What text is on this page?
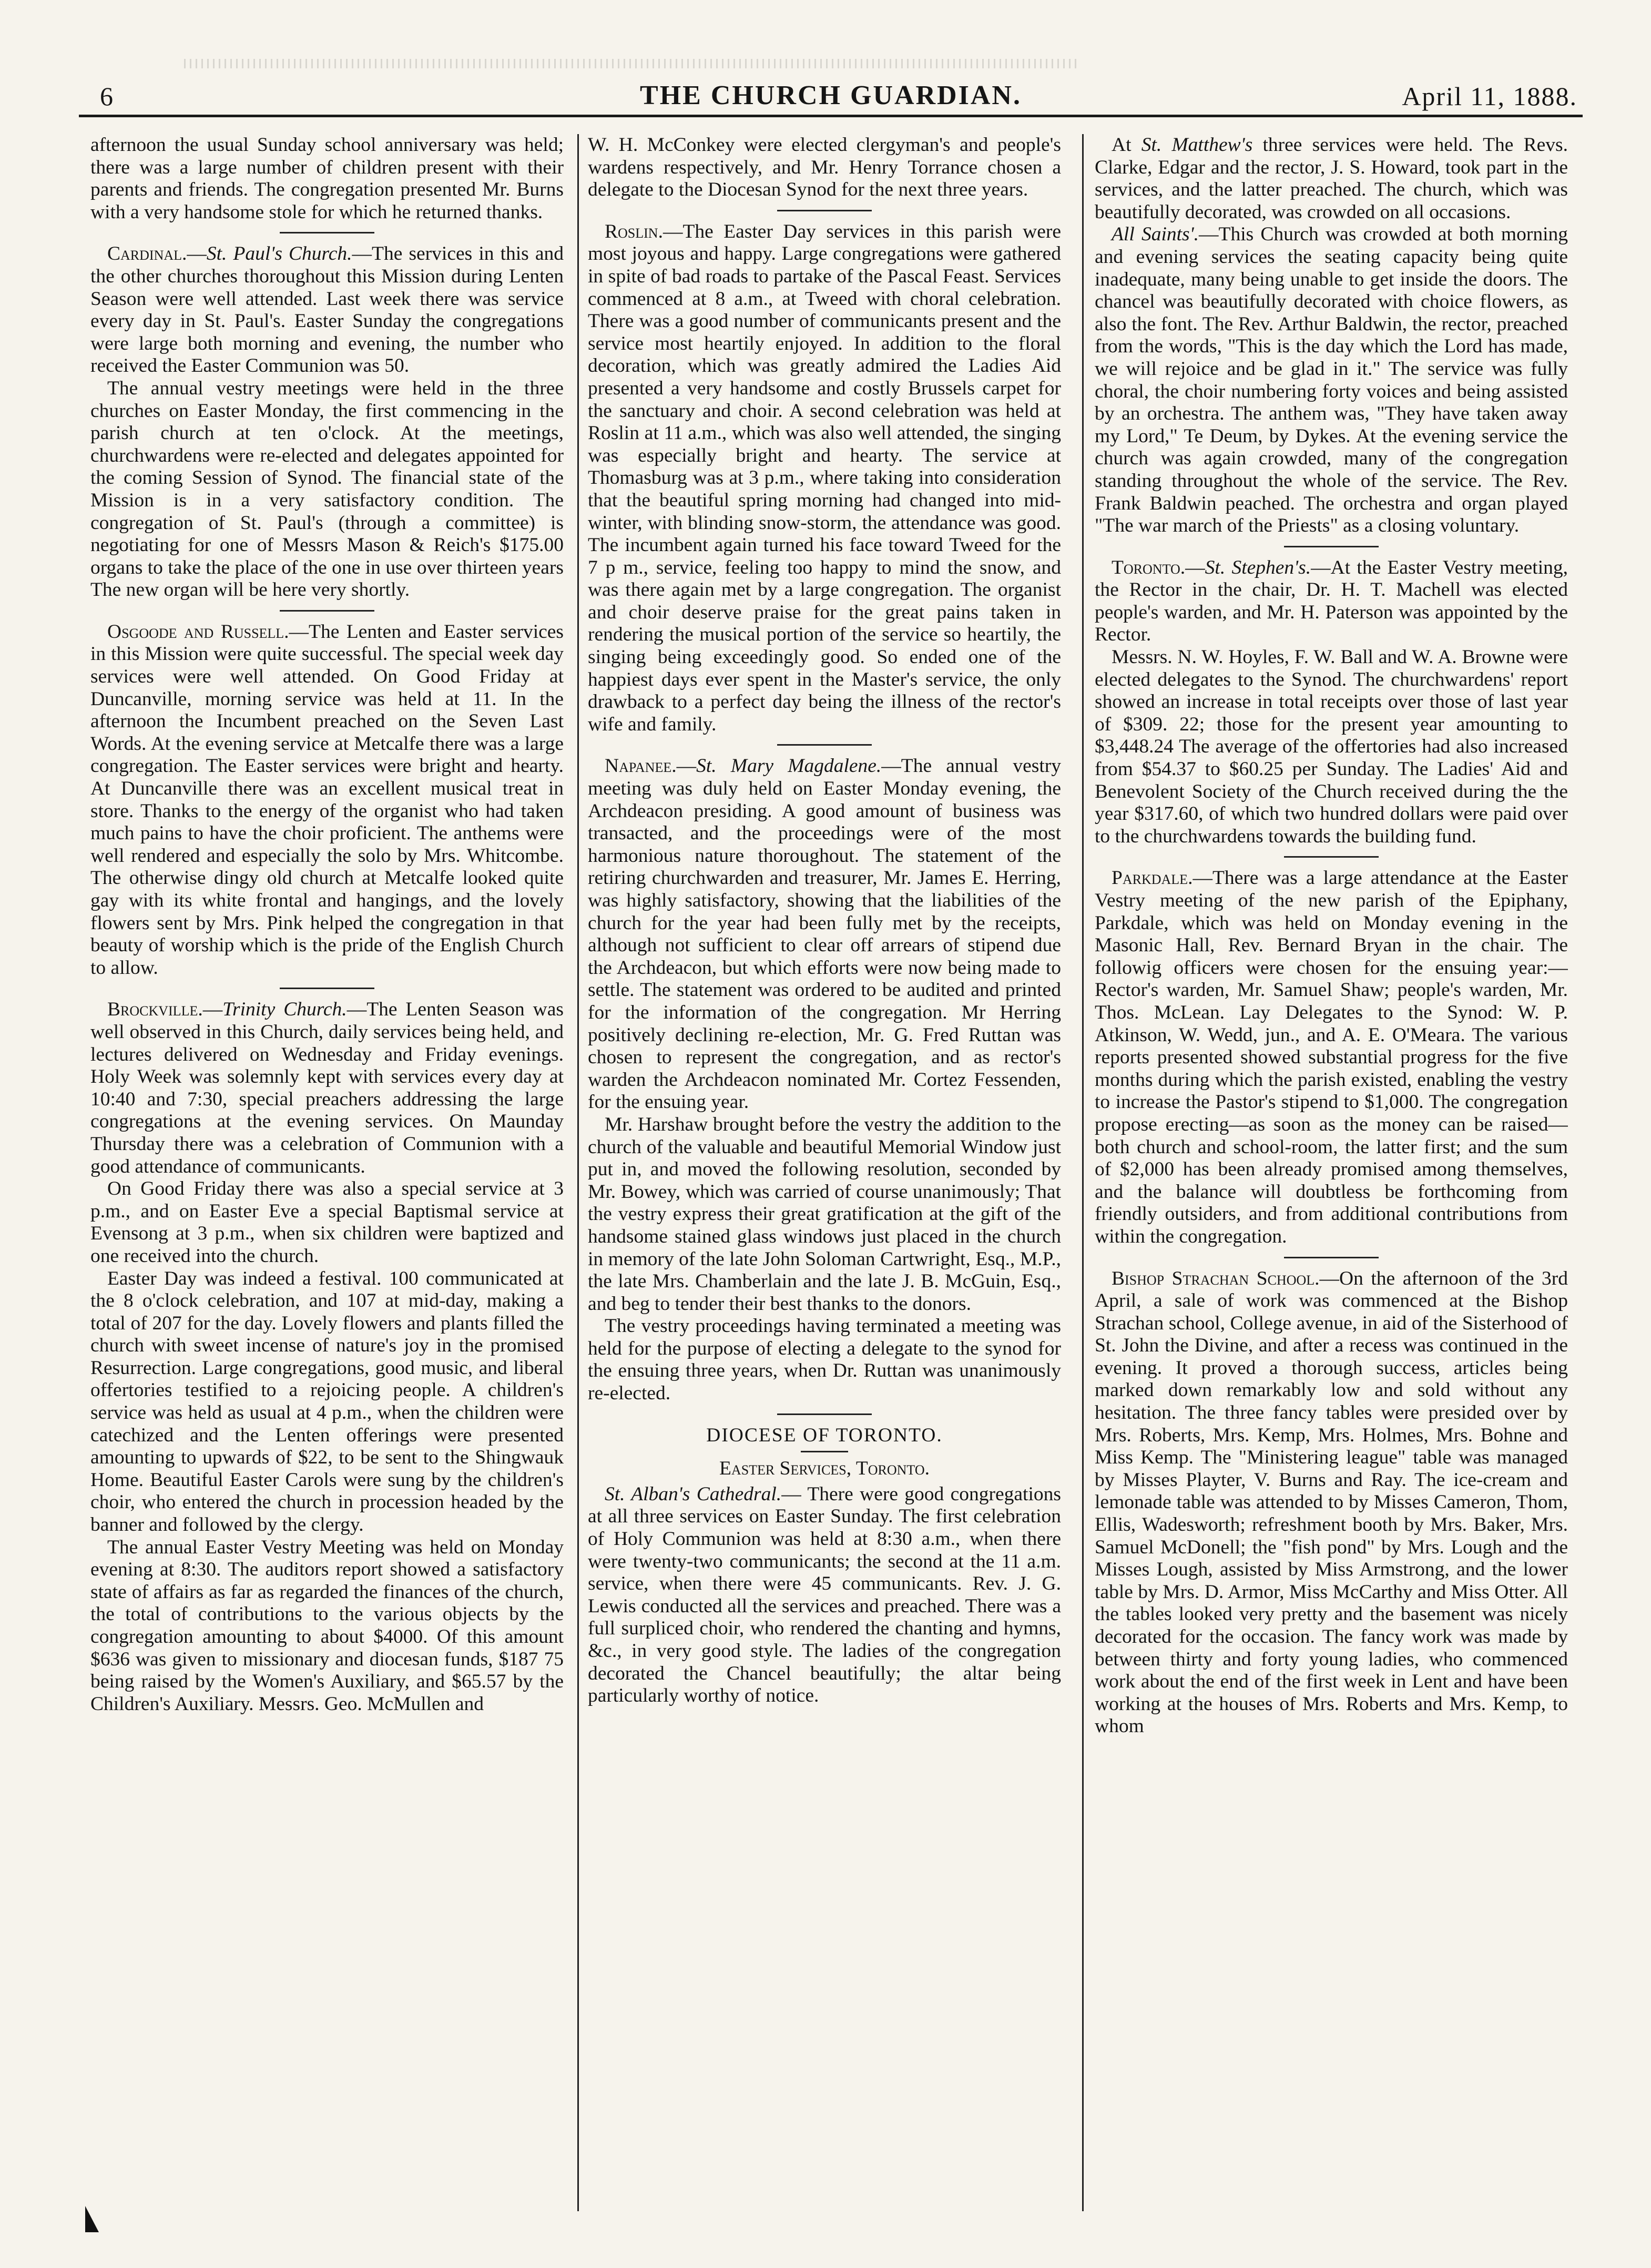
6	THE CHURCH GUARDIAN.	April 11, 1888.

afternoon the usual Sunday school anniversary was held; there was a large number of children present with their parents and friends. The congregation presented Mr. Burns with a very handsome stole for which he returned thanks.

Cardinal.—St. Paul's Church.—The services in this and the other churches thoroughout this Mission during Lenten Season were well attended. Last week there was service every day in St. Paul's. Easter Sunday the congregations were large both morning and evening, the number who received the Easter Communion was 50.

The annual vestry meetings were held in the three churches on Easter Monday, the first commencing in the parish church at ten o'clock. At the meetings, churchwardens were re-elected and delegates appointed for the coming Session of Synod. The financial state of the Mission is in a very satisfactory condition. The congregation of St. Paul's (through a committee) is negotiating for one of Messrs Mason & Reich's $175.00 organs to take the place of the one in use over thirteen years The new organ will be here very shortly.

Osgoode and Russell.—The Lenten and Easter services in this Mission were quite successful. The special week day services were well attended. On Good Friday at Duncanville, morning service was held at 11. In the afternoon the Incumbent preached on the Seven Last Words. At the evening service at Metcalfe there was a large congregation. The Easter services were bright and hearty. At Duncanville there was an excellent musical treat in store. Thanks to the energy of the organist who had taken much pains to have the choir proficient. The anthems were well rendered and especially the solo by Mrs. Whitcombe. The otherwise dingy old church at Metcalfe looked quite gay with its white frontal and hangings, and the lovely flowers sent by Mrs. Pink helped the congregation in that beauty of worship which is the pride of the English Church to allow.

Brockville.—Trinity Church.—The Lenten Season was well observed in this Church, daily services being held, and lectures delivered on Wednesday and Friday evenings. Holy Week was solemnly kept with services every day at 10:40 and 7:30, special preachers addressing the large congregations at the evening services. On Maunday Thursday there was a celebration of Communion with a good attendance of communicants.

On Good Friday there was also a special service at 3 p.m., and on Easter Eve a special Baptismal service at Evensong at 3 p.m., when six children were baptized and one received into the church.

Easter Day was indeed a festival. 100 communicated at the 8 o'clock celebration, and 107 at mid-day, making a total of 207 for the day. Lovely flowers and plants filled the church with sweet incense of nature's joy in the promised Resurrection. Large congregations, good music, and liberal offertories testified to a rejoicing people. A children's service was held as usual at 4 p.m., when the children were catechized and the Lenten offerings were presented amounting to upwards of $22, to be sent to the Shingwauk Home. Beautiful Easter Carols were sung by the children's choir, who entered the church in procession headed by the banner and followed by the clergy.

The annual Easter Vestry Meeting was held on Monday evening at 8:30. The auditors report showed a satisfactory state of affairs as far as regarded the finances of the church, the total of contributions to the various objects by the congregation amounting to about $4000. Of this amount $636 was given to missionary and diocesan funds, $187 75 being raised by the Women's Auxiliary, and $65.57 by the Children's Auxiliary. Messrs. Geo. McMullen and

W. H. McConkey were elected clergyman's and people's wardens respectively, and Mr. Henry Torrance chosen a delegate to the Diocesan Synod for the next three years.

Roslin.—The Easter Day services in this parish were most joyous and happy. Large congregations were gathered in spite of bad roads to partake of the Pascal Feast. Services commenced at 8 a.m., at Tweed with choral celebration. There was a good number of communicants present and the service most heartily enjoyed. In addition to the floral decoration, which was greatly admired the Ladies Aid presented a very handsome and costly Brussels carpet for the sanctuary and choir. A second celebration was held at Roslin at 11 a.m., which was also well attended, the singing was especially bright and hearty. The service at Thomasburg was at 3 p.m., where taking into consideration that the beautiful spring morning had changed into mid-winter, with blinding snow-storm, the attendance was good. The incumbent again turned his face toward Tweed for the 7 p m., service, feeling too happy to mind the snow, and was there again met by a large congregation. The organist and choir deserve praise for the great pains taken in rendering the musical portion of the service so heartily, the singing being exceedingly good. So ended one of the happiest days ever spent in the Master's service, the only drawback to a perfect day being the illness of the rector's wife and family.

Napanee.—St. Mary Magdalene.—The annual vestry meeting was duly held on Easter Monday evening, the Archdeacon presiding. A good amount of business was transacted, and the proceedings were of the most harmonious nature thoroughout. The statement of the retiring churchwarden and treasurer, Mr. James E. Herring, was highly satisfactory, showing that the liabilities of the church for the year had been fully met by the receipts, although not sufficient to clear off arrears of stipend due the Archdeacon, but which efforts were now being made to settle. The statement was ordered to be audited and printed for the information of the congregation. Mr Herring positively declining re-election, Mr. G. Fred Ruttan was chosen to represent the congregation, and as rector's warden the Archdeacon nominated Mr. Cortez Fessenden, for the ensuing year.

Mr. Harshaw brought before the vestry the addition to the church of the valuable and beautiful Memorial Window just put in, and moved the following resolution, seconded by Mr. Bowey, which was carried of course unanimously; That the vestry express their great gratification at the gift of the handsome stained glass windows just placed in the church in memory of the late John Soloman Cartwright, Esq., M.P., the late Mrs. Chamberlain and the late J. B. McGuin, Esq., and beg to tender their best thanks to the donors.

The vestry proceedings having terminated a meeting was held for the purpose of electing a delegate to the synod for the ensuing three years, when Dr. Ruttan was unanimously re-elected.

DIOCESE OF TORONTO.

Easter Services, Toronto.

St. Alban's Cathedral.— There were good congregations at all three services on Easter Sunday. The first celebration of Holy Communion was held at 8:30 a.m., when there were twenty-two communicants; the second at the 11 a.m. service, when there were 45 communicants. Rev. J. G. Lewis conducted all the services and preached. There was a full surpliced choir, who rendered the chanting and hymns, &c., in very good style. The ladies of the congregation decorated the Chancel beautifully; the altar being particularly worthy of notice.

At St. Matthew's three services were held. The Revs. Clarke, Edgar and the rector, J. S. Howard, took part in the services, and the latter preached. The church, which was beautifully decorated, was crowded on all occasions.

All Saints'.—This Church was crowded at both morning and evening services the seating capacity being quite inadequate, many being unable to get inside the doors. The chancel was beautifully decorated with choice flowers, as also the font. The Rev. Arthur Baldwin, the rector, preached from the words, "This is the day which the Lord has made, we will rejoice and be glad in it." The service was fully choral, the choir numbering forty voices and being assisted by an orchestra. The anthem was, "They have taken away my Lord," Te Deum, by Dykes. At the evening service the church was again crowded, many of the congregation standing throughout the whole of the service. The Rev. Frank Baldwin peached. The orchestra and organ played "The war march of the Priests" as a closing voluntary.

Toronto.—St. Stephen's.—At the Easter Vestry meeting, the Rector in the chair, Dr. H. T. Machell was elected people's warden, and Mr. H. Paterson was appointed by the Rector.

Messrs. N. W. Hoyles, F. W. Ball and W. A. Browne were elected delegates to the Synod. The churchwardens' report showed an increase in total receipts over those of last year of $309. 22; those for the present year amounting to $3,448.24 The average of the offertories had also increased from $54.37 to $60.25 per Sunday. The Ladies' Aid and Benevolent Society of the Church received during the the year $317.60, of which two hundred dollars were paid over to the churchwardens towards the building fund.

Parkdale.—There was a large attendance at the Easter Vestry meeting of the new parish of the Epiphany, Parkdale, which was held on Monday evening in the Masonic Hall, Rev. Bernard Bryan in the chair. The followig officers were chosen for the ensuing year:—Rector's warden, Mr. Samuel Shaw; people's warden, Mr. Thos. McLean. Lay Delegates to the Synod: W. P. Atkinson, W. Wedd, jun., and A. E. O'Meara. The various reports presented showed substantial progress for the five months during which the parish existed, enabling the vestry to increase the Pastor's stipend to $1,000. The congregation propose erecting—as soon as the money can be raised—both church and school-room, the latter first; and the sum of $2,000 has been already promised among themselves, and the balance will doubtless be forthcoming from friendly outsiders, and from additional contributions from within the congregation.

Bishop Strachan School.—On the afternoon of the 3rd April, a sale of work was commenced at the Bishop Strachan school, College avenue, in aid of the Sisterhood of St. John the Divine, and after a recess was continued in the evening. It proved a thorough success, articles being marked down remarkably low and sold without any hesitation. The three fancy tables were presided over by Mrs. Roberts, Mrs. Kemp, Mrs. Holmes, Mrs. Bohne and Miss Kemp. The "Ministering league" table was managed by Misses Playter, V. Burns and Ray. The ice-cream and lemonade table was attended to by Misses Cameron, Thom, Ellis, Wadesworth; refreshment booth by Mrs. Baker, Mrs. Samuel McDonell; the "fish pond" by Mrs. Lough and the Misses Lough, assisted by Miss Armstrong, and the lower table by Mrs. D. Armor, Miss McCarthy and Miss Otter. All the tables looked very pretty and the basement was nicely decorated for the occasion. The fancy work was made by between thirty and forty young ladies, who commenced work about the end of the first week in Lent and have been working at the houses of Mrs. Roberts and Mrs. Kemp, to whom
